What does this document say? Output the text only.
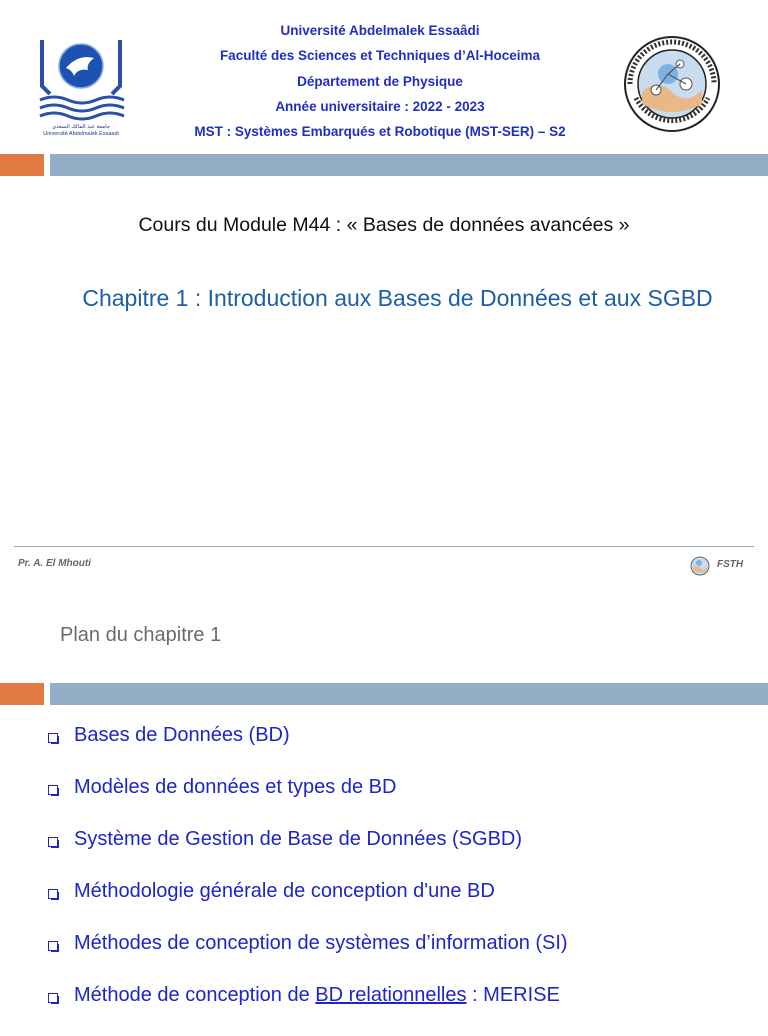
جامعة عبد المالك السعدي
Université Abdelmalek Essaadi
Université Abdelmalek Essaâdi
Faculté des Sciences et Techniques d’Al-Hoceima
Département de Physique
Année universitaire : 2022 - 2023
MST : Systèmes Embarqués et Robotique (MST-SER) – S2
Cours du Module M44 : « Bases de données avancées »
Chapitre 1 : Introduction aux Bases de Données et aux SGBD
Pr. A. El Mhouti	FSTH
Plan du chapitre 1
Bases de Données (BD)
Modèles de données et types de BD
Système de Gestion de Base de Données (SGBD)
Méthodologie générale de conception d'une BD
Méthodes de conception de systèmes d’information (SI)
Méthode de conception de BD relationnelles : MERISE
